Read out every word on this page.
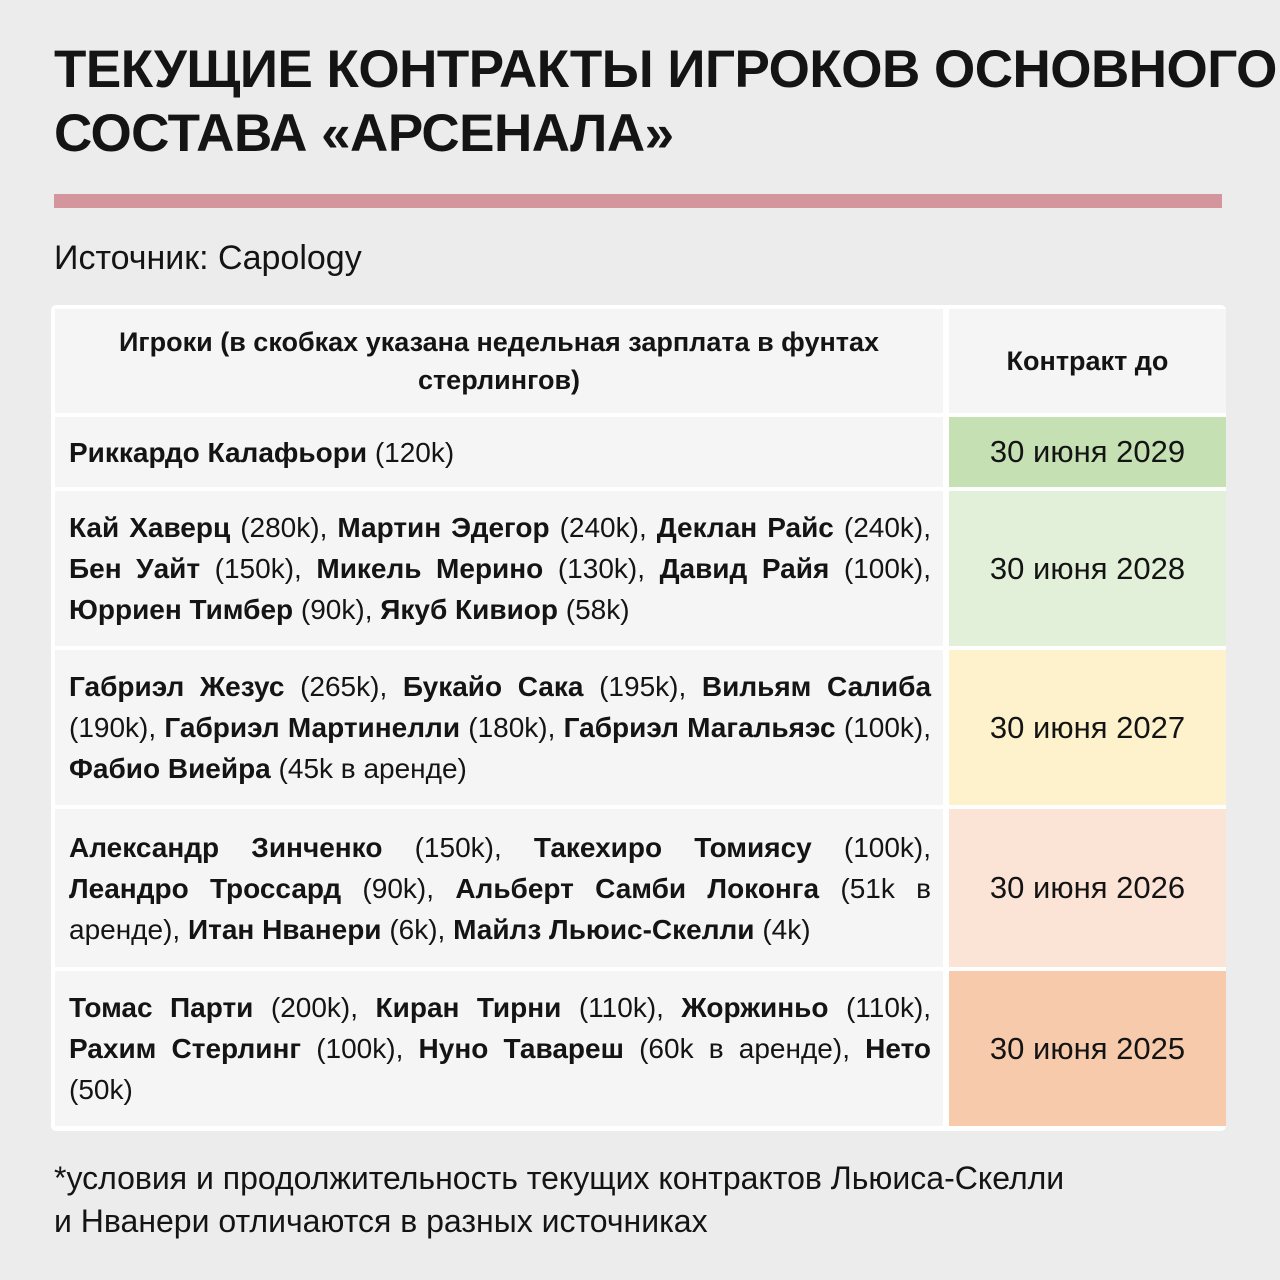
ТЕКУЩИЕ КОНТРАКТЫ ИГРОКОВ ОСНОВНОГО
СОСТАВА «АРСЕНАЛА»
Источник: Capology
Игроки (в скобках указана недельная зарплата в фунтах стерлингов)
Контракт до

Риккардо Калафьори (120k)	30 июня 2029

Кай Хаверц (280k), Мартин Эдегор (240k), Деклан Райс (240k), Бен Уайт (150k), Микель Мерино (130k), Давид Райя (100k), Юрриен Тимбер (90k), Якуб Кивиор (58k)

30 июня 2028

Габриэл Жезус (265k), Букайо Сака (195k), Вильям Салиба (190k), Габриэл Мартинелли (180k), Габриэл Магальяэс (100k), Фабио Виейра (45k в аренде)

30 июня 2027

Александр Зинченко (150k), Такехиро Томиясу (100k), Леандро Троссард (90k), Альберт Самби Локонга (51k в аренде), Итан Нванери (6k), Майлз Льюис-Скелли (4k)

30 июня 2026

Томас Парти (200k), Киран Тирни (110k), Жоржиньо (110k), Рахим Стерлинг (100k), Нуно Тавареш (60k в аренде), Нето (50k)

30 июня 2025

*условия и продолжительность текущих контрактов Льюиса-Скелли
и Нванери отличаются в разных источниках
